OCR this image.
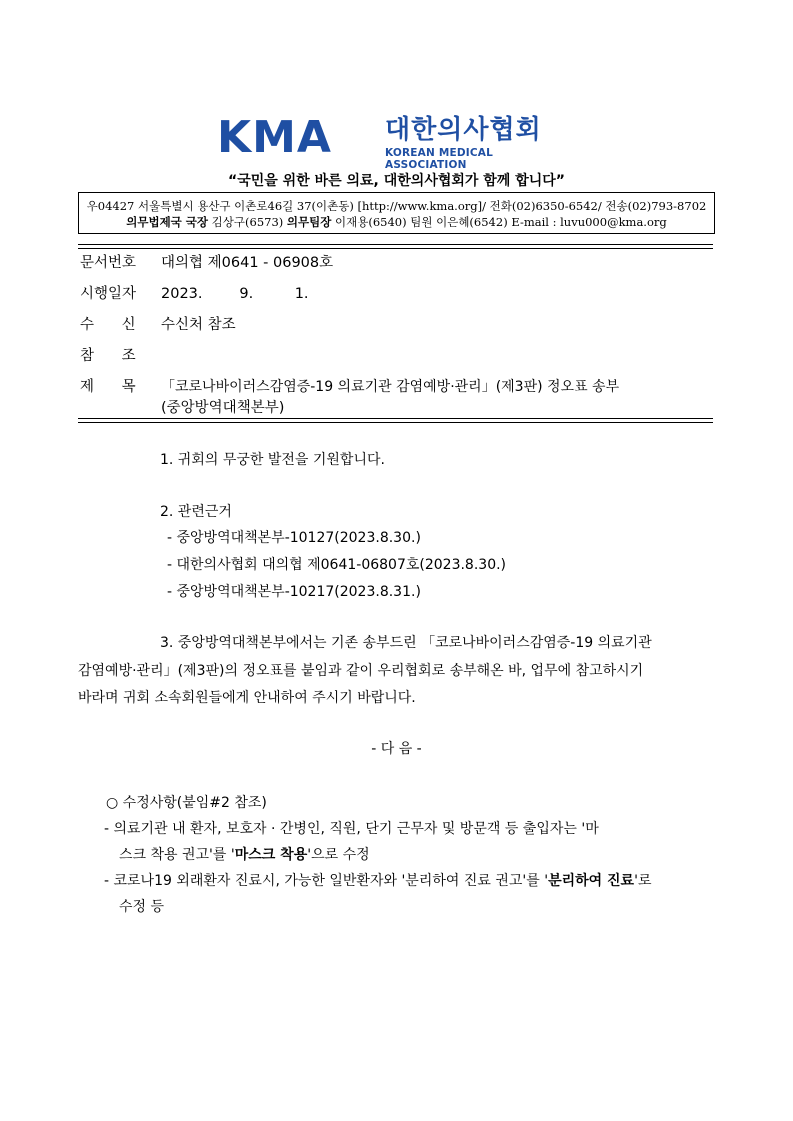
KMA 대한의사협회
KOREAN MEDICAL ASSOCIATION
“국민을 위한 바른 의료, 대한의사협회가 함께 합니다”
우04427 서울특별시 용산구 이촌로46길 37(이촌동) [http://www.kma.org]/ 전화(02)6350-6542/ 전송(02)793-8702
의무법제국 국장 김상구(6573) 의무팀장 이재용(6540) 팀원 이은혜(6542) E-mail : luvu000@kma.org
문서번호 대의협 제0641 - 06908호
시행일자 2023.        9.         1.
수      신 수신처 참조
참      조
제      목 「코로나바이러스감염증-19 의료기관 감염예방·관리」(제3판) 정오표 송부
(중앙방역대책본부)
1. 귀회의 무궁한 발전을 기원합니다.
2. 관련근거
- 중앙방역대책본부-10127(2023.8.30.)
- 대한의사협회 대의협 제0641-06807호(2023.8.30.)
- 중앙방역대책본부-10217(2023.8.31.)
3. 중앙방역대책본부에서는 기존 송부드린 「코로나바이러스감염증-19 의료기관
감염예방·관리」(제3판)의 정오표를 붙임과 같이 우리협회로 송부해온 바, 업무에 참고하시기
바라며 귀회 소속회원들에게 안내하여 주시기 바랍니다.
- 다 음 -
○ 수정사항(붙임#2 참조)
- 의료기관 내 환자, 보호자 · 간병인, 직원, 단기 근무자 및 방문객 등 출입자는 '마
스크 착용 권고'를 '마스크 착용'으로 수정
- 코로나19 외래환자 진료시, 가능한 일반환자와 '분리하여 진료 권고'를 '분리하여 진료'로
수정 등
